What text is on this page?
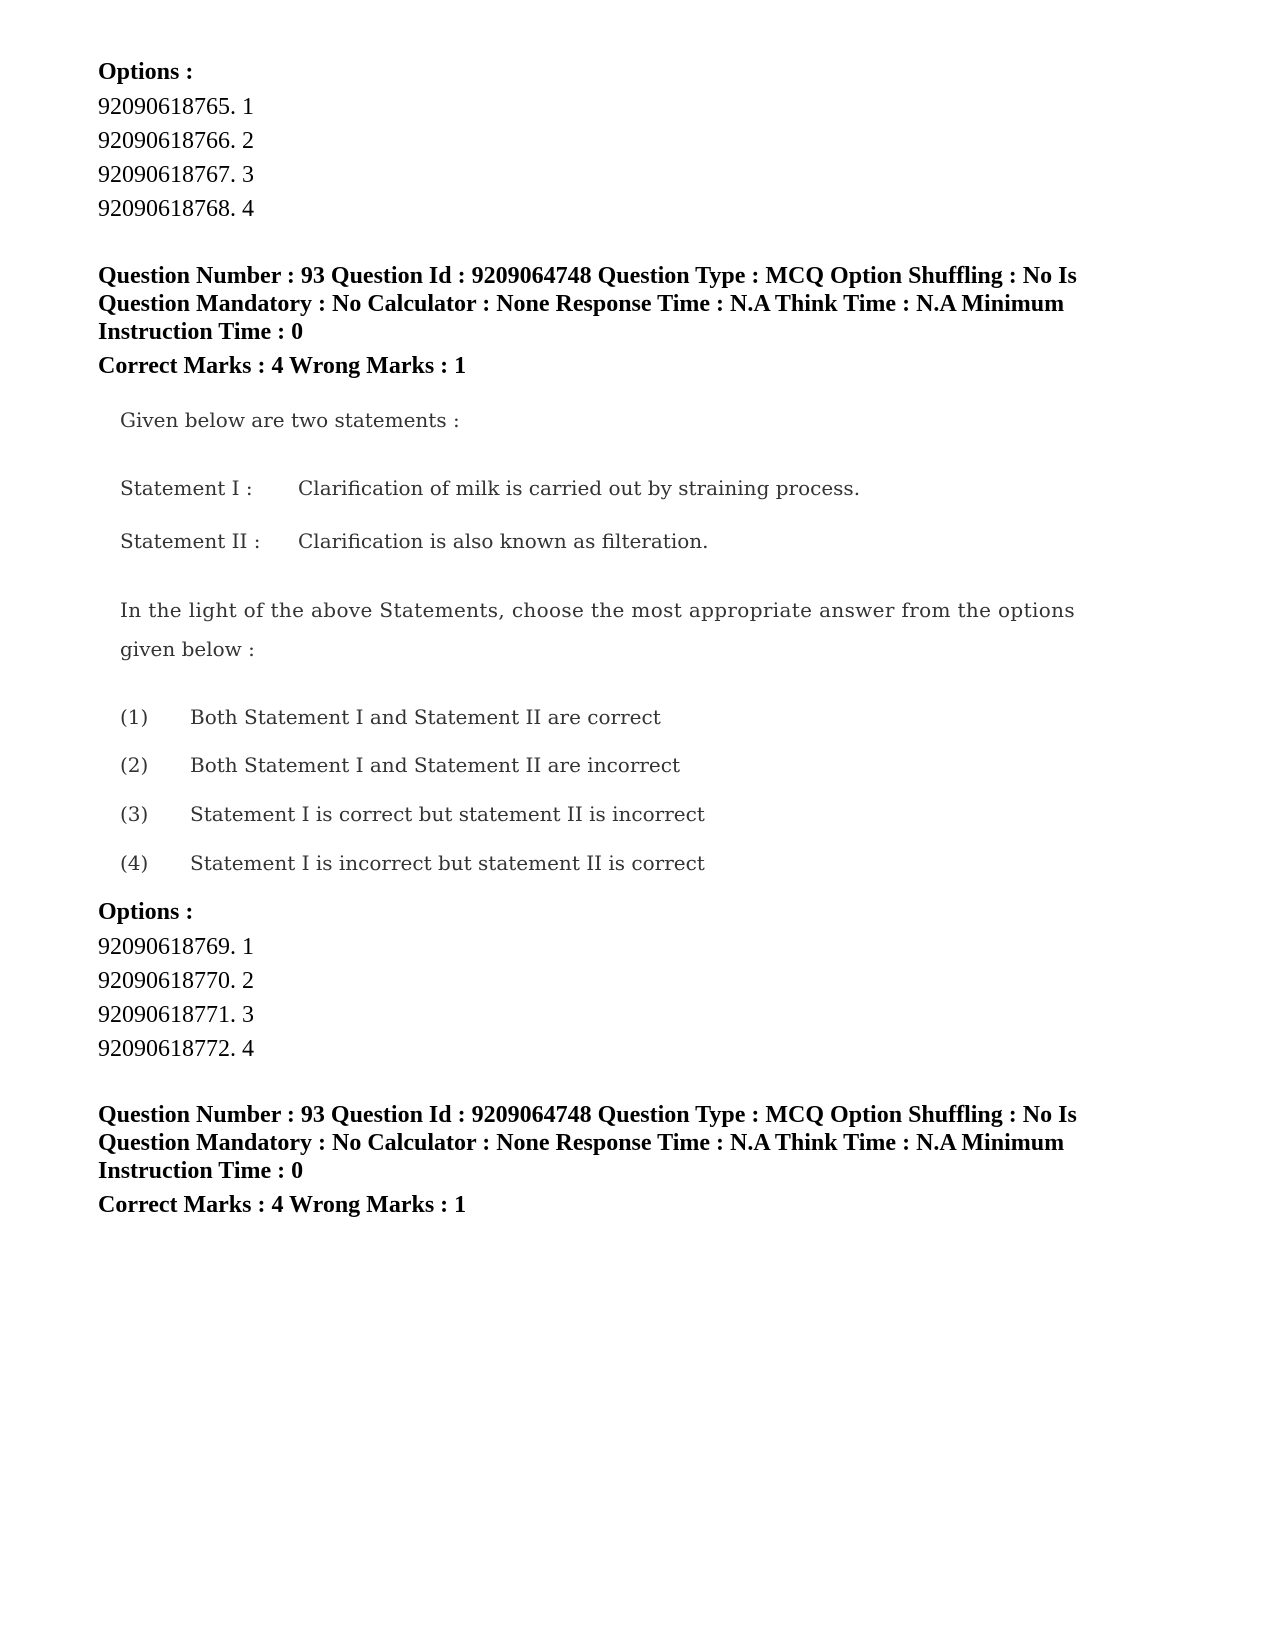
Options :
92090618765. 1
92090618766. 2
92090618767. 3
92090618768. 4
Question Number : 93 Question Id : 9209064748 Question Type : MCQ Option Shuffling : No Is
Question Mandatory : No Calculator : None Response Time : N.A Think Time : N.A Minimum
Instruction Time : 0
Correct Marks : 4 Wrong Marks : 1
Given below are two statements :
Statement I : Clarification of milk is carried out by straining process.
Statement II : Clarification is also known as filteration.
In the light of the above Statements, choose the most appropriate answer from the options
given below :
(1) Both Statement I and Statement II are correct
(2) Both Statement I and Statement II are incorrect
(3) Statement I is correct but statement II is incorrect
(4) Statement I is incorrect but statement II is correct
Options :
92090618769. 1
92090618770. 2
92090618771. 3
92090618772. 4
Question Number : 93 Question Id : 9209064748 Question Type : MCQ Option Shuffling : No Is
Question Mandatory : No Calculator : None Response Time : N.A Think Time : N.A Minimum
Instruction Time : 0
Correct Marks : 4 Wrong Marks : 1
